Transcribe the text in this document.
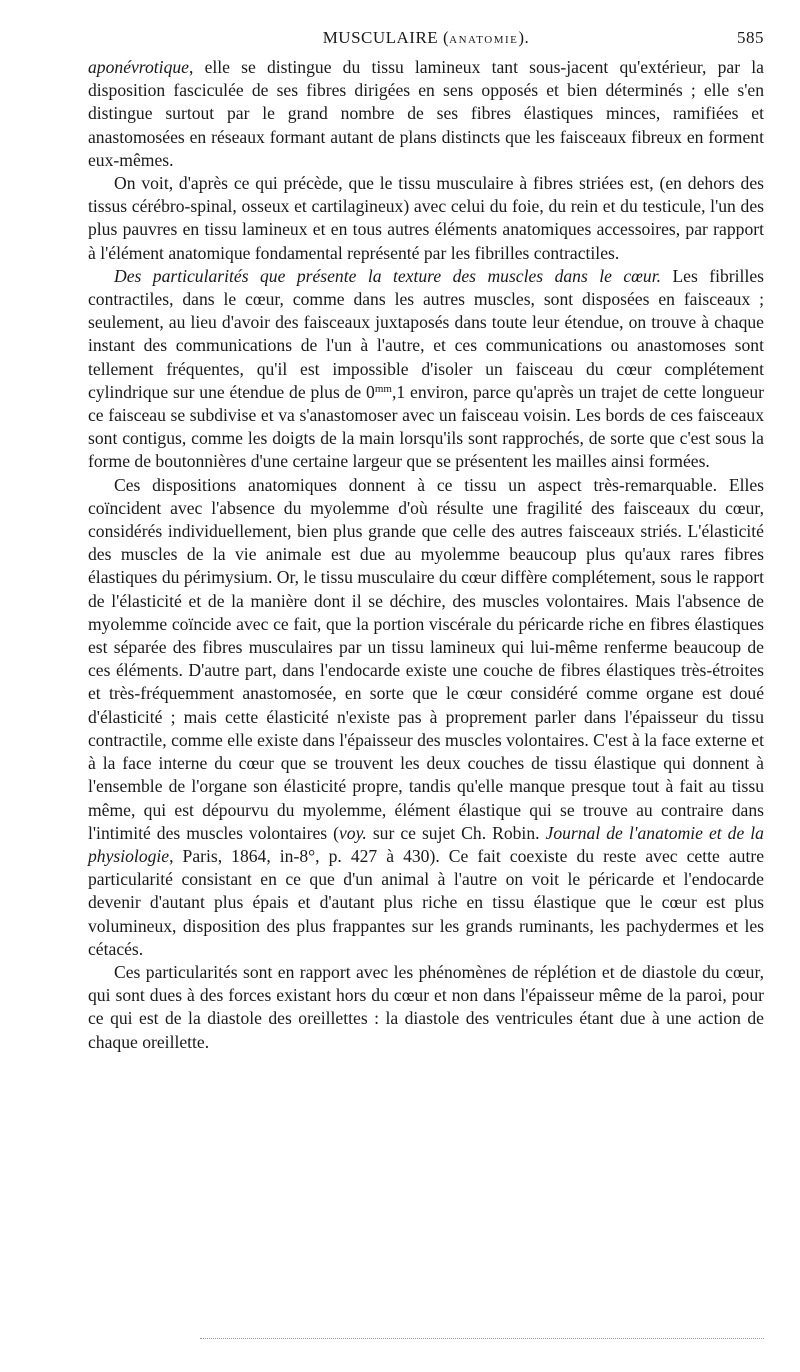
MUSCULAIRE (ANATOMIE).	585

aponévrotique, elle se distingue du tissu lamineux tant sous-jacent qu'extérieur, par la disposition fasciculée de ses fibres dirigées en sens opposés et bien déterminés ; elle s'en distingue surtout par le grand nombre de ses fibres élastiques minces, ramifiées et anastomosées en réseaux formant autant de plans distincts que les faisceaux fibreux en forment eux-mêmes.

On voit, d'après ce qui précède, que le tissu musculaire à fibres striées est, (en dehors des tissus cérébro-spinal, osseux et cartilagineux) avec celui du foie, du rein et du testicule, l'un des plus pauvres en tissu lamineux et en tous autres éléments anatomiques accessoires, par rapport à l'élément anatomique fondamental représenté par les fibrilles contractiles.

Des particularités que présente la texture des muscles dans le cœur. Les fibrilles contractiles, dans le cœur, comme dans les autres muscles, sont disposées en faisceaux ; seulement, au lieu d'avoir des faisceaux juxtaposés dans toute leur étendue, on trouve à chaque instant des communications de l'un à l'autre, et ces communications ou anastomoses sont tellement fréquentes, qu'il est impossible d'isoler un faisceau du cœur complétement cylindrique sur une étendue de plus de $0^{mm},1$ environ, parce qu'après un trajet de cette longueur ce faisceau se subdivise et va s'anastomoser avec un faisceau voisin. Les bords de ces faisceaux sont contigus, comme les doigts de la main lorsqu'ils sont rapprochés, de sorte que c'est sous la forme de boutonnières d'une certaine largeur que se présentent les mailles ainsi formées.

Ces dispositions anatomiques donnent à ce tissu un aspect très-remarquable. Elles coïncident avec l'absence du myolemme d'où résulte une fragilité des faisceaux du cœur, considérés individuellement, bien plus grande que celle des autres faisceaux striés. L'élasticité des muscles de la vie animale est due au myolemme beaucoup plus qu'aux rares fibres élastiques du périmysium. Or, le tissu musculaire du cœur diffère complétement, sous le rapport de l'élasticité et de la manière dont il se déchire, des muscles volontaires. Mais l'absence de myolemme coïncide avec ce fait, que la portion viscérale du péricarde riche en fibres élastiques est séparée des fibres musculaires par un tissu lamineux qui lui-même renferme beaucoup de ces éléments. D'autre part, dans l'endocarde existe une couche de fibres élastiques très-étroites et très-fréquemment anastomosée, en sorte que le cœur considéré comme organe est doué d'élasticité ; mais cette élasticité n'existe pas à proprement parler dans l'épaisseur du tissu contractile, comme elle existe dans l'épaisseur des muscles volontaires. C'est à la face externe et à la face interne du cœur que se trouvent les deux couches de tissu élastique qui donnent à l'ensemble de l'organe son élasticité propre, tandis qu'elle manque presque tout à fait au tissu même, qui est dépourvu du myolemme, élément élastique qui se trouve au contraire dans l'intimité des muscles volontaires (voy. sur ce sujet Ch. Robin. Journal de l'anatomie et de la physiologie, Paris, 1864, in-8°, p. 427 à 430). Ce fait coexiste du reste avec cette autre particularité consistant en ce que d'un animal à l'autre on voit le péricarde et l'endocarde devenir d'autant plus épais et d'autant plus riche en tissu élastique que le cœur est plus volumineux, disposition des plus frappantes sur les grands ruminants, les pachydermes et les cétacés.

Ces particularités sont en rapport avec les phénomènes de réplétion et de diastole du cœur, qui sont dues à des forces existant hors du cœur et non dans l'épaisseur même de la paroi, pour ce qui est de la diastole des oreillettes : la diastole des ventricules étant due à une action de chaque oreillette.
